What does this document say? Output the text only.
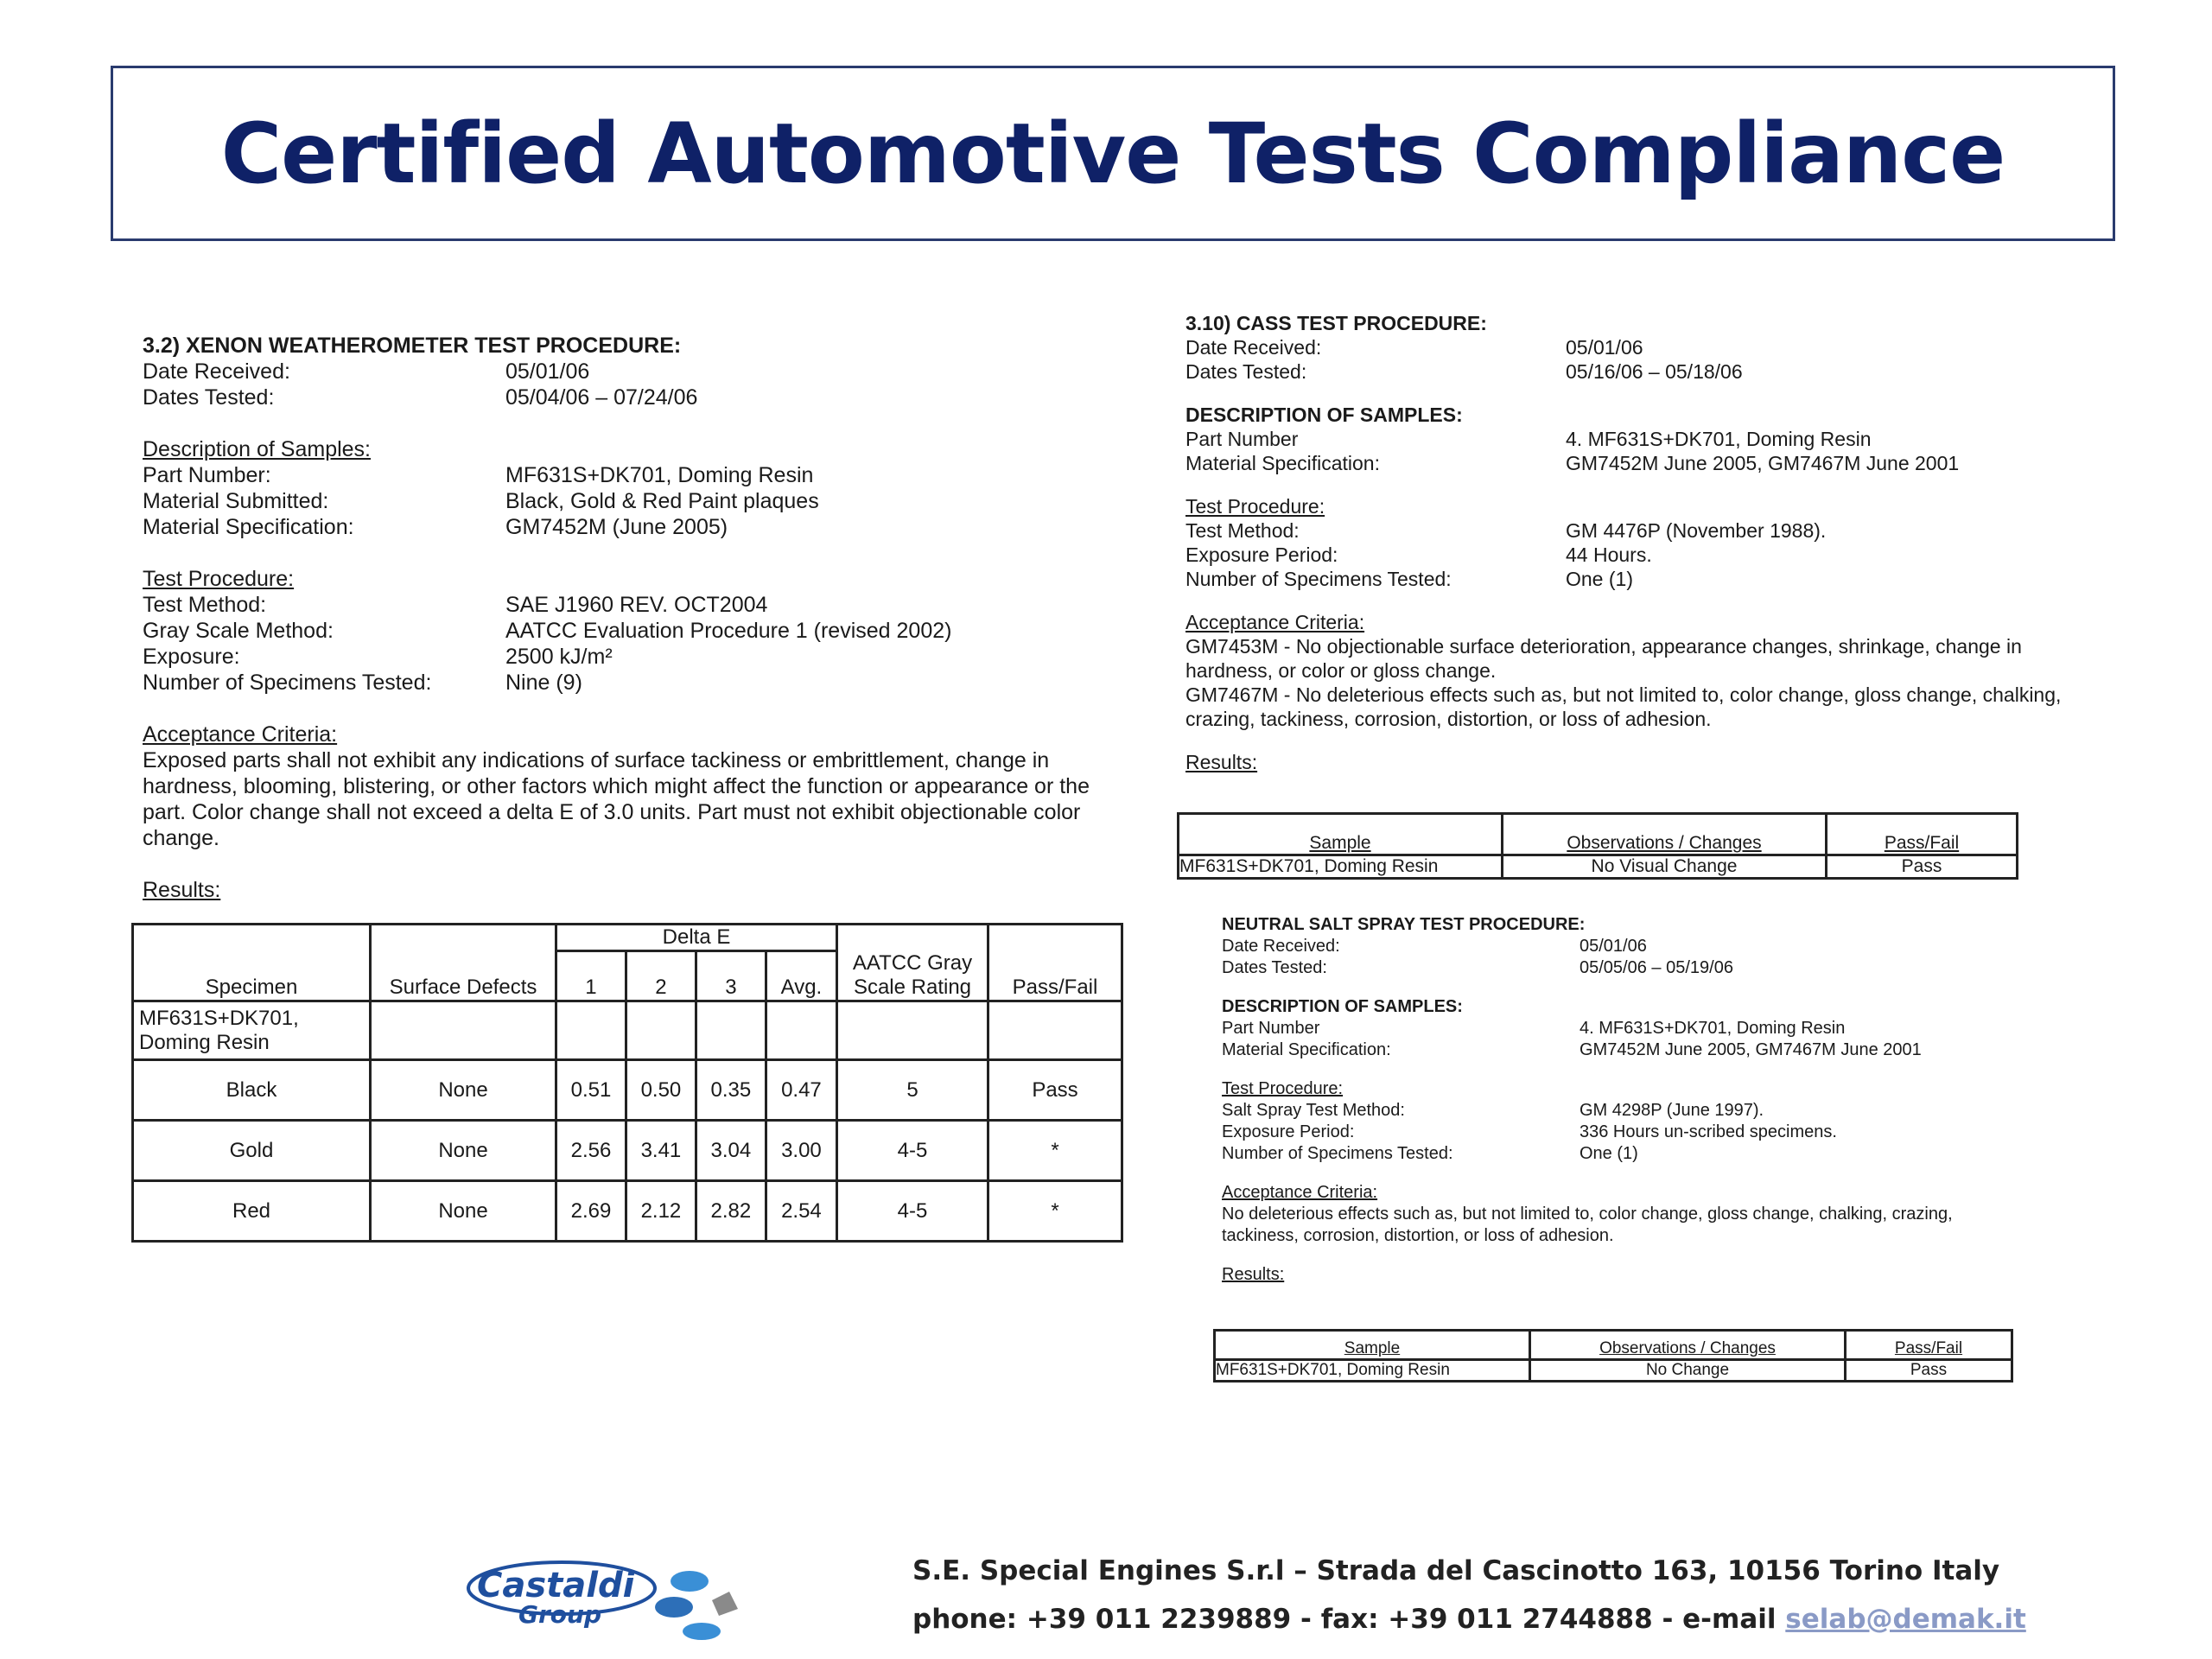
Certified Automotive Tests Compliance
3.2) XENON WEATHEROMETER TEST PROCEDURE:
Date Received:	05/01/06
Dates Tested:	05/04/06 – 07/24/06
Description of Samples:
Part Number:	MF631S+DK701, Doming Resin
Material Submitted:	Black, Gold & Red Paint plaques
Material Specification:	GM7452M (June 2005)
Test Procedure:
Test Method:	SAE J1960 REV. OCT2004
Gray Scale Method:	AATCC Evaluation Procedure 1 (revised 2002)
Exposure:	2500 kJ/m²
Number of Specimens Tested:	Nine (9)
Acceptance Criteria:
Exposed parts shall not exhibit any indications of surface tackiness or embrittlement, change in hardness, blooming, blistering, or other factors which might affect the function or appearance or the part. Color change shall not exceed a delta E of 3.0 units. Part must not exhibit objectionable color change.
Results:
Specimen	Surface Defects	Delta E				AATCC Gray Scale Rating	Pass/Fail
		1	2	3	Avg.		
MF631S+DK701, Doming Resin							
Black	None	0.51	0.50	0.35	0.47	5	Pass
Gold	None	2.56	3.41	3.04	3.00	4-5	*
Red	None	2.69	2.12	2.82	2.54	4-5	*
3.10) CASS TEST PROCEDURE:
Date Received:	05/01/06
Dates Tested:	05/16/06 – 05/18/06
DESCRIPTION OF SAMPLES:
Part Number	4. MF631S+DK701, Doming Resin
Material Specification:	GM7452M June 2005, GM7467M June 2001
Test Procedure:
Test Method:	GM 4476P (November 1988).
Exposure Period:	44 Hours.
Number of Specimens Tested:	One (1)
Acceptance Criteria:
GM7453M - No objectionable surface deterioration, appearance changes, shrinkage, change in hardness, or color or gloss change.
GM7467M - No deleterious effects such as, but not limited to, color change, gloss change, chalking, crazing, tackiness, corrosion, distortion, or loss of adhesion.
Results:
Sample	Observations / Changes	Pass/Fail
MF631S+DK701, Doming Resin	No Visual Change	Pass
NEUTRAL SALT SPRAY TEST PROCEDURE:
Date Received:	05/01/06
Dates Tested:	05/05/06 – 05/19/06
DESCRIPTION OF SAMPLES:
Part Number	4. MF631S+DK701, Doming Resin
Material Specification:	GM7452M June 2005, GM7467M June 2001
Test Procedure:
Salt Spray Test Method:	GM 4298P (June 1997).
Exposure Period:	336 Hours un-scribed specimens.
Number of Specimens Tested:	One (1)
Acceptance Criteria:
No deleterious effects such as, but not limited to, color change, gloss change, chalking, crazing, tackiness, corrosion, distortion, or loss of adhesion.
Results:
Sample	Observations / Changes	Pass/Fail
MF631S+DK701, Doming Resin	No Change	Pass
Castaldi
Group
S.E. Special Engines S.r.l – Strada del Cascinotto 163, 10156 Torino Italy
phone: +39 011 2239889 - fax: +39 011 2744888 - e-mail selab@demak.it
